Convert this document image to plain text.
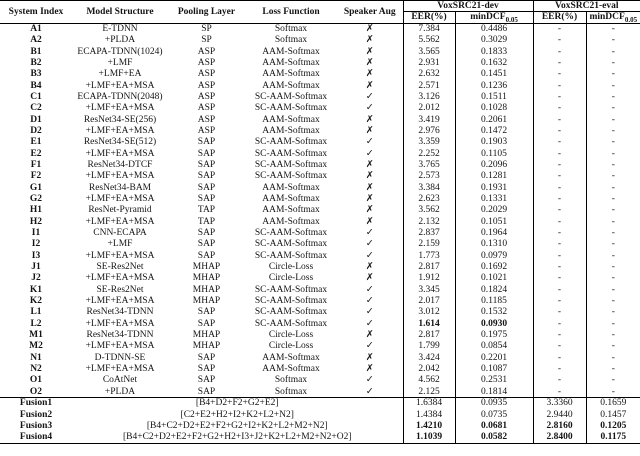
System Index	Model Structure	Pooling Layer	Loss Function	Speaker Aug	VoxSRC21-dev		VoxSRC21-eval	
					EER(%)	minDCF$_{0.05}$	EER(%)	minDCF$_{0.05}$
A1	E-TDNN	SP	Softmax	✗	7.384	0.4486	-	-
A2	+PLDA	SP	Softmax	✗	5.562	0.3029	-	-
B1	ECAPA-TDNN(1024)	ASP	AAM-Softmax	✗	3.565	0.1833	-	-
B2	+LMF	ASP	AAM-Softmax	✗	2.931	0.1632	-	-
B3	+LMF+EA	ASP	AAM-Softmax	✗	2.632	0.1451	-	-
B4	+LMF+EA+MSA	ASP	AAM-Softmax	✗	2.571	0.1236	-	-
C1	ECAPA-TDNN(2048)	ASP	SC-AAM-Softmax	✓	3.126	0.1511	-	-
C2	+LMF+EA+MSA	ASP	SC-AAM-Softmax	✓	2.012	0.1028	-	-
D1	ResNet34-SE(256)	ASP	AAM-Softmax	✗	3.419	0.2061	-	-
D2	+LMF+EA+MSA	ASP	AAM-Softmax	✗	2.976	0.1472	-	-
E1	ResNet34-SE(512)	SAP	SC-AAM-Softmax	✓	3.359	0.1903	-	-
E2	+LMF+EA+MSA	SAP	SC-AAM-Softmax	✓	2.252	0.1105	-	-
F1	ResNet34-DTCF	SAP	SC-AAM-Softmax	✗	3.765	0.2096	-	-
F2	+LMF+EA+MSA	SAP	SC-AAM-Softmax	✗	2.573	0.1281	-	-
G1	ResNet34-BAM	SAP	AAM-Softmax	✗	3.384	0.1931	-	-
G2	+LMF+EA+MSA	SAP	AAM-Softmax	✗	2.623	0.1331	-	-
H1	ResNet-Pyramid	TAP	AAM-Softmax	✗	3.562	0.2029	-	-
H2	+LMF+EA+MSA	TAP	AAM-Softmax	✗	2.132	0.1051	-	-
I1	CNN-ECAPA	SAP	SC-AAM-Softmax	✓	2.837	0.1964	-	-
I2	+LMF	SAP	SC-AAM-Softmax	✓	2.159	0.1310	-	-
I3	+LMF+EA+MSA	SAP	SC-AAM-Softmax	✓	1.773	0.0979	-	-
J1	SE-Res2Net	MHAP	Circle-Loss	✗	2.817	0.1692	-	-
J2	+LMF+EA+MSA	MHAP	Circle-Loss	✗	1.912	0.1021	-	-
K1	SE-Res2Net	MHAP	SC-AAM-Softmax	✓	3.345	0.1824	-	-
K2	+LMF+EA+MSA	MHAP	SC-AAM-Softmax	✓	2.017	0.1185	-	-
L1	ResNet34-TDNN	SAP	SC-AAM-Softmax	✓	3.012	0.1532	-	-
L2	+LMF+EA+MSA	SAP	SC-AAM-Softmax	✓	1.614	0.0930	-	-
M1	ResNet34-TDNN	MHAP	Circle-Loss	✗	2.817	0.1975	-	-
M2	+LMF+EA+MSA	MHAP	Circle-Loss	✓	1.799	0.0854	-	-
N1	D-TDNN-SE	SAP	AAM-Softmax	✗	3.424	0.2201	-	-
N2	+LMF+EA+MSA	SAP	AAM-Softmax	✗	2.042	0.1087	-	-
O1	CoAtNet	SAP	Softmax	✓	4.562	0.2531	-	-
O2	+PLDA	SAP	Softmax	✓	2.125	0.1814	-	-
Fusion1	[B4+D2+F2+G2+E2]				1.6384	0.0935	3.3360	0.1659
Fusion2	[C2+E2+H2+I2+K2+L2+N2]				1.4384	0.0735	2.9440	0.1457
Fusion3	[B4+C2+D2+E2+F2+G2+I2+K2+L2+M2+N2]				1.4210	0.0681	2.8160	0.1205
Fusion4	[B4+C2+D2+E2+F2+G2+H2+I3+J2+K2+L2+M2+N2+O2]				1.1039	0.0582	2.8400	0.1175
